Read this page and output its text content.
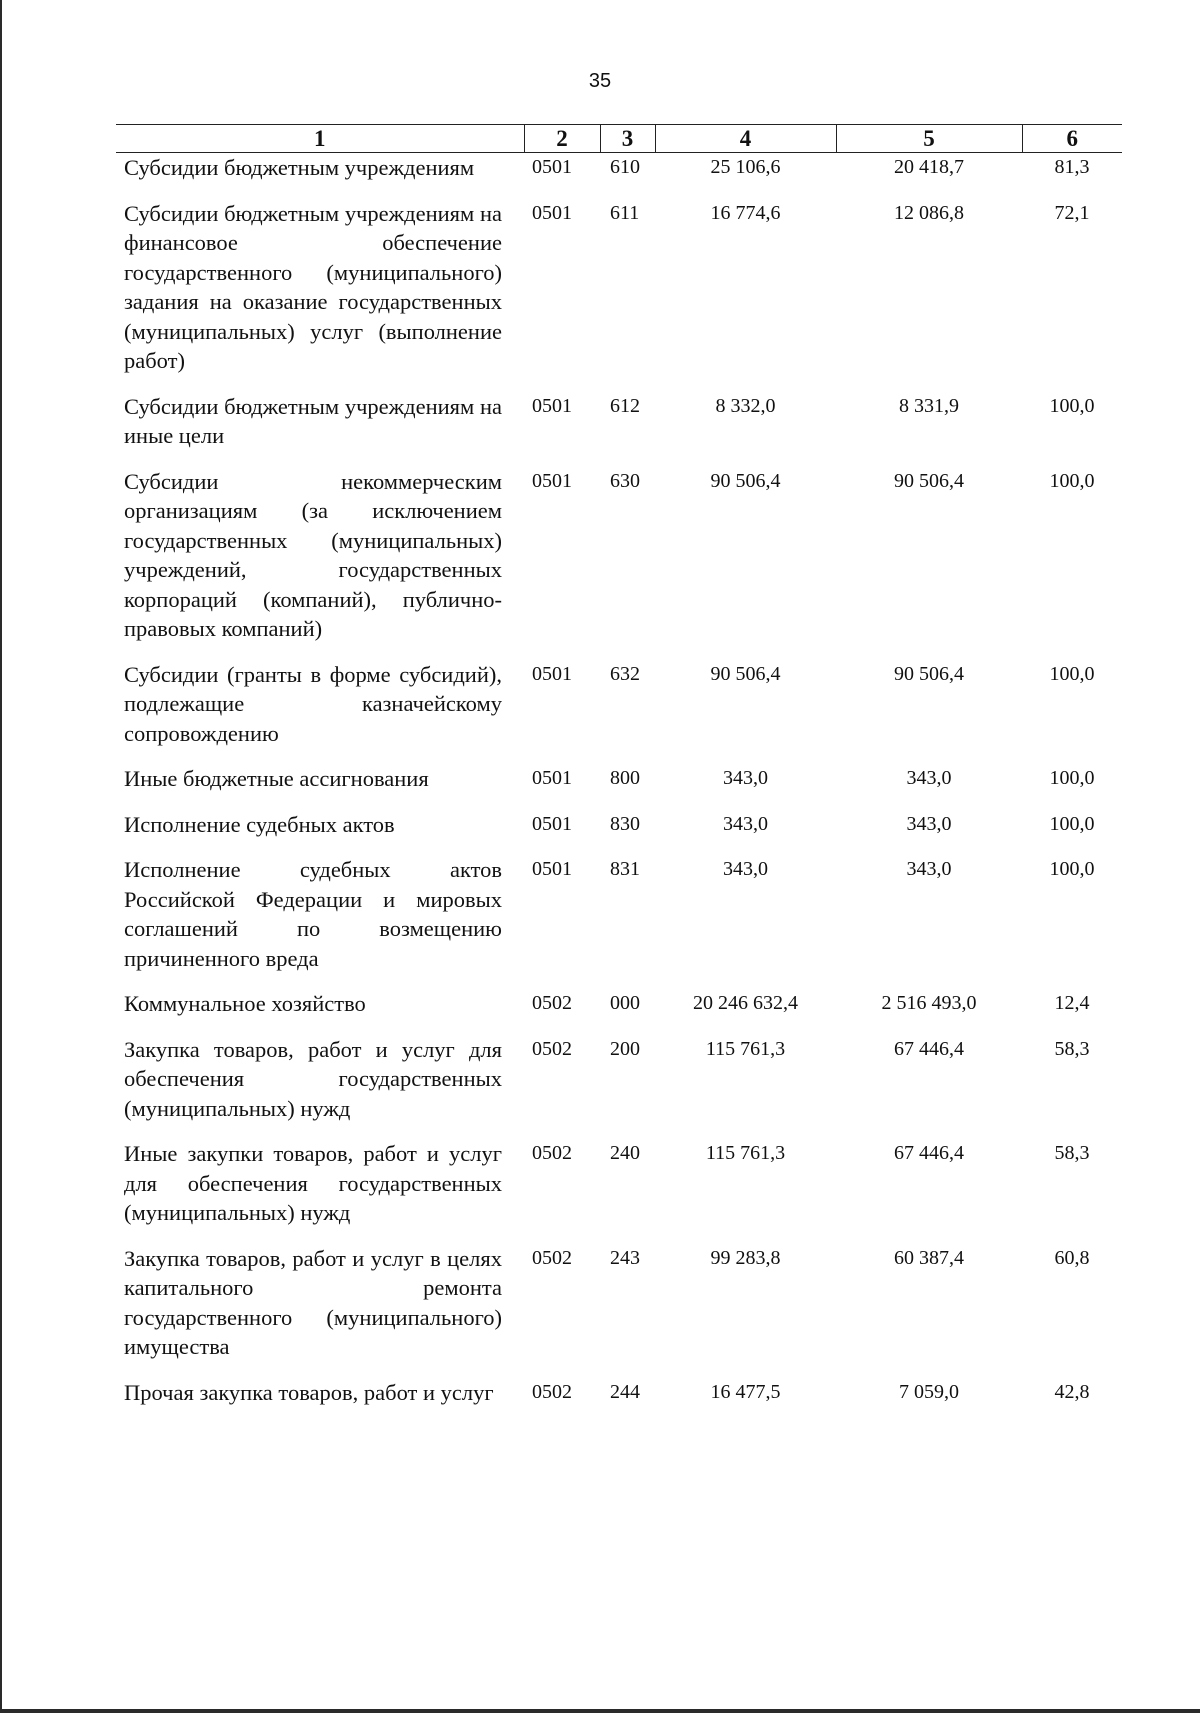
35
1	2	3	4	5	6
Субсидии бюджетным учреждениям	0501	610	25 106,6	20 418,7	81,3

Субсидии бюджетным учреждениям на финансовое обеспечение государственного (муниципального) задания на оказание государственных (муниципальных) услуг (выполнение работ)	0501	611	16 774,6	12 086,8	72,1

Субсидии бюджетным учреждениям на иные цели	0501	612	8 332,0	8 331,9	100,0

Субсидии некоммерческим организациям (за исключением государственных (муниципальных) учреждений, государственных корпораций (компаний), публично-правовых компаний)	0501	630	90 506,4	90 506,4	100,0

Субсидии (гранты в форме субсидий), подлежащие казначейскому сопровождению	0501	632	90 506,4	90 506,4	100,0

Иные бюджетные ассигнования	0501	800	343,0	343,0	100,0

Исполнение судебных актов	0501	830	343,0	343,0	100,0

Исполнение судебных актов Российской Федерации и мировых соглашений по возмещению причиненного вреда	0501	831	343,0	343,0	100,0

Коммунальное хозяйство	0502	000	20 246 632,4	2 516 493,0	12,4

Закупка товаров, работ и услуг для обеспечения государственных (муниципальных) нужд	0502	200	115 761,3	67 446,4	58,3

Иные закупки товаров, работ и услуг для обеспечения государственных (муниципальных) нужд	0502	240	115 761,3	67 446,4	58,3

Закупка товаров, работ и услуг в целях капитального ремонта государственного (муниципального) имущества	0502	243	99 283,8	60 387,4	60,8

Прочая закупка товаров, работ и услуг	0502	244	16 477,5	7 059,0	42,8
